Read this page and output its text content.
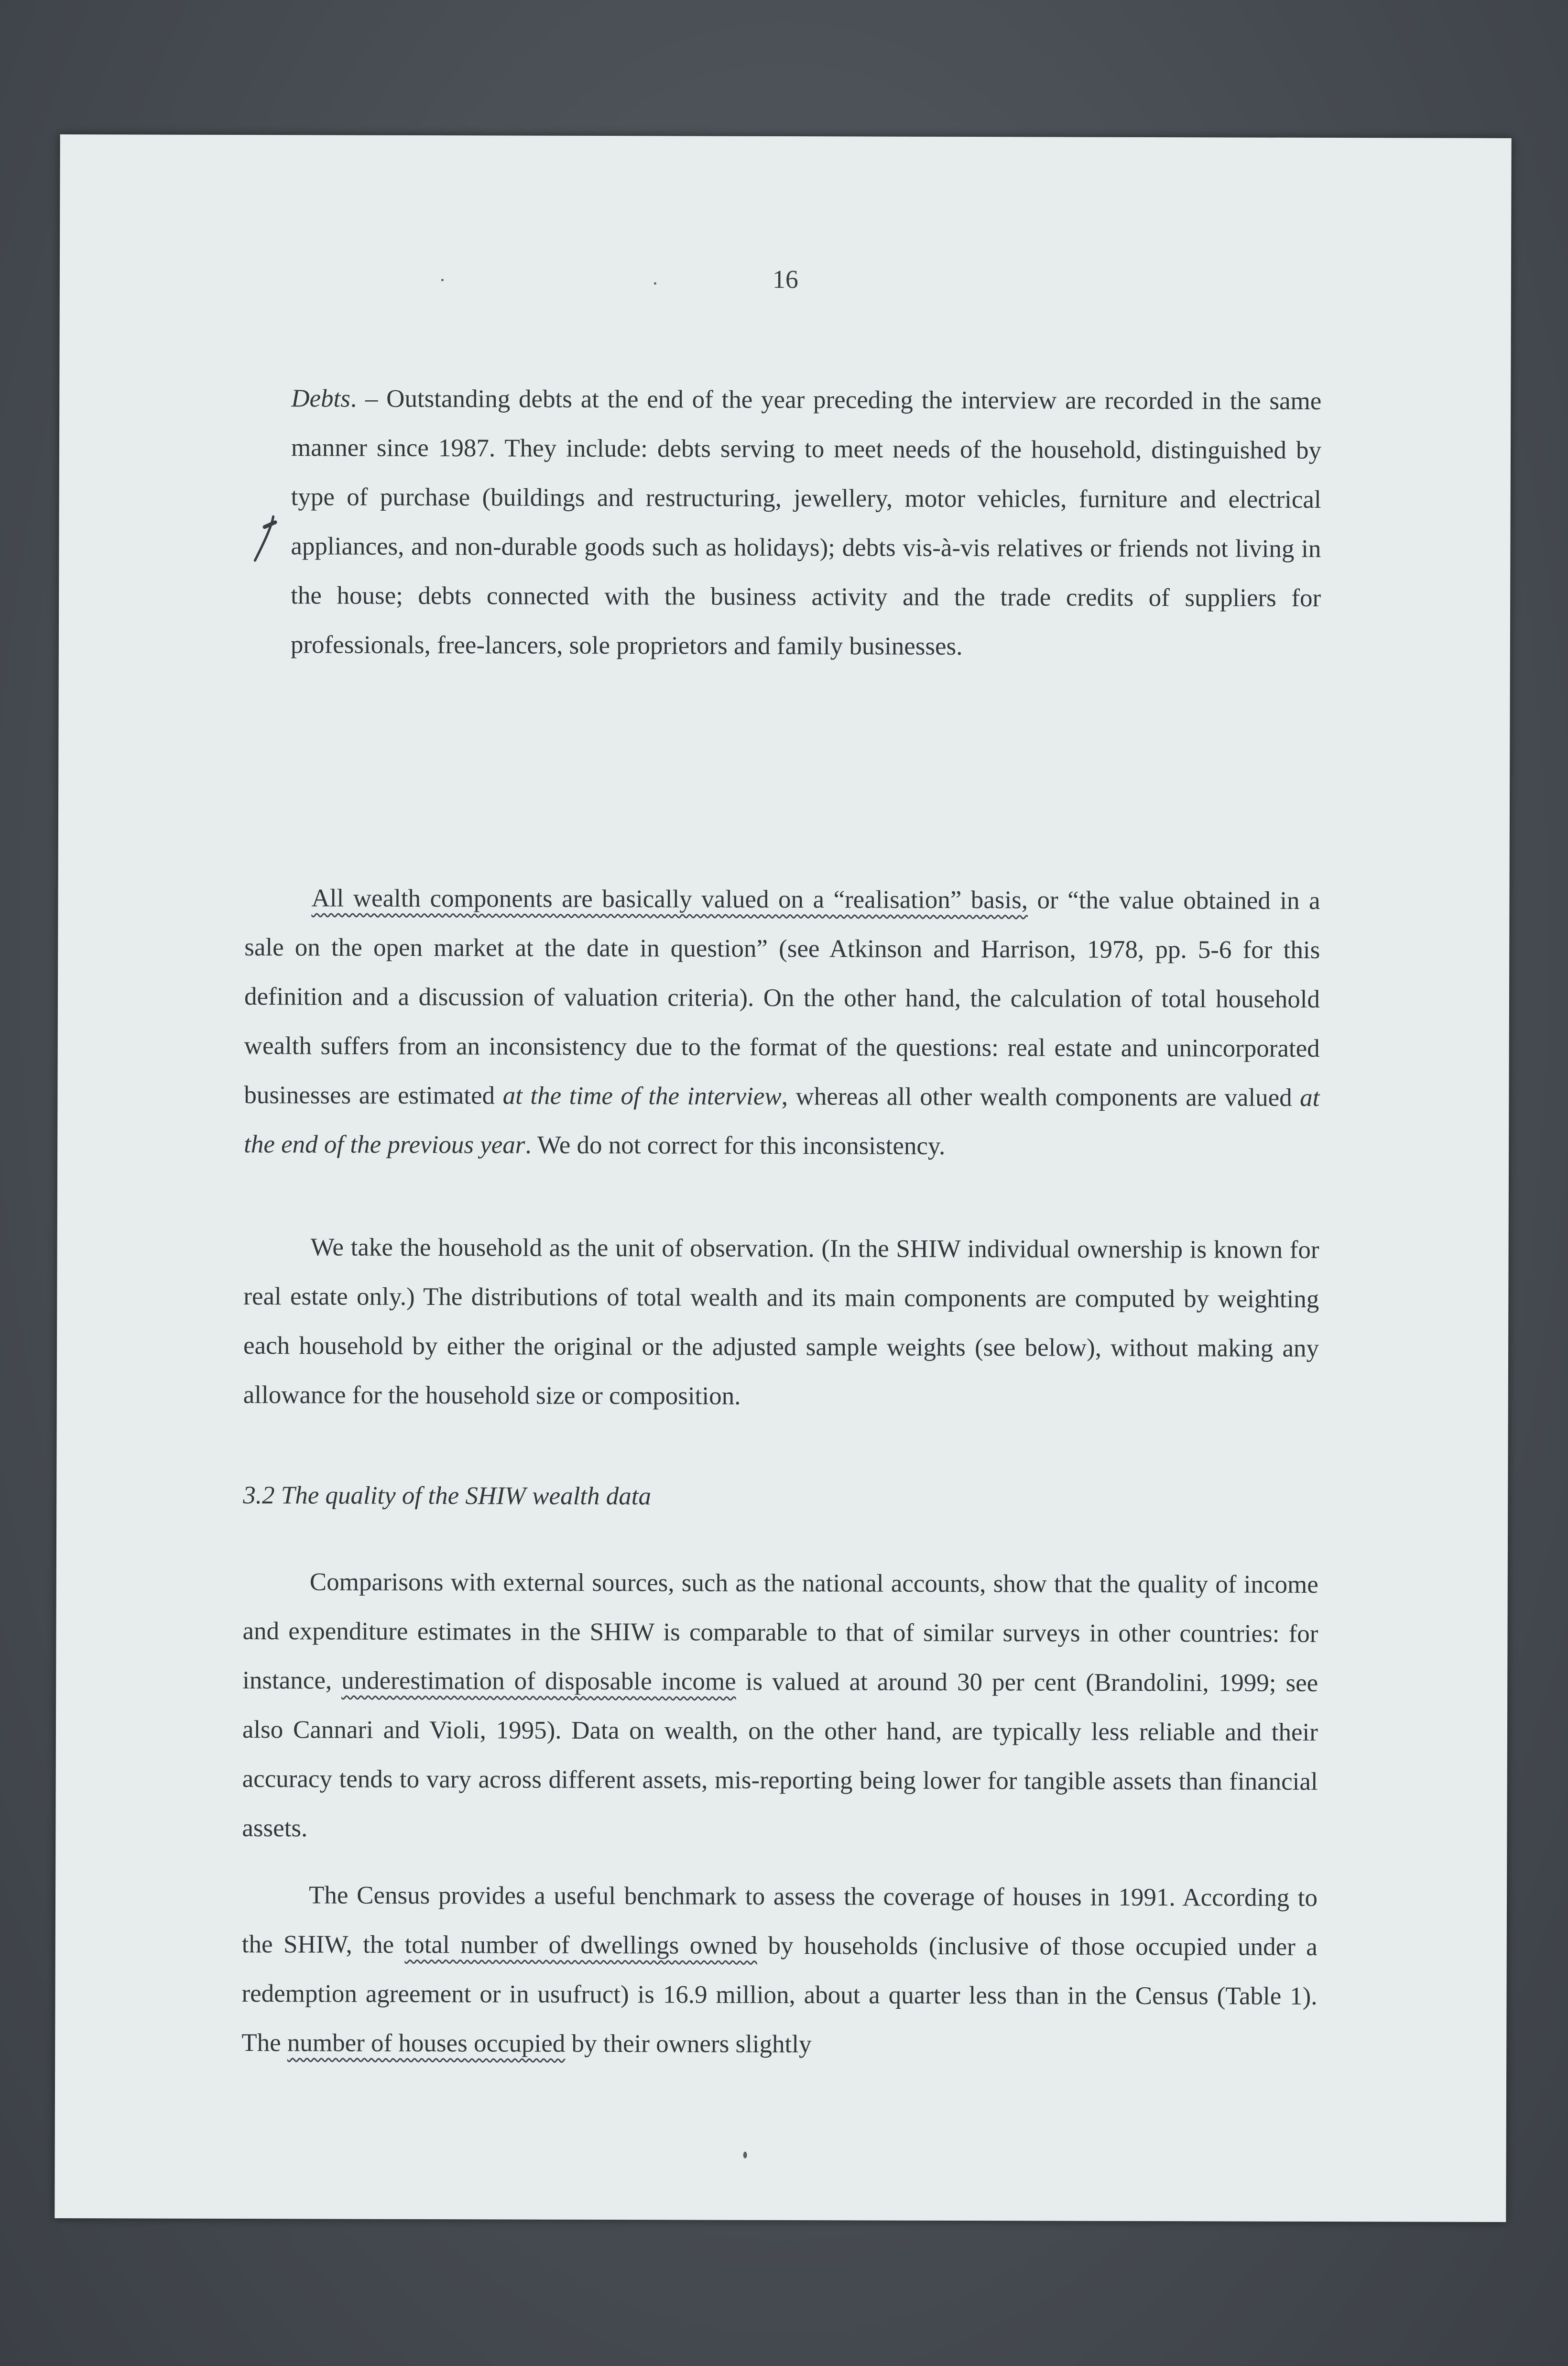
16

Debts. – Outstanding debts at the end of the year preceding the interview are recorded in the same manner since 1987. They include: debts serving to meet needs of the household, distinguished by type of purchase (buildings and restructuring, jewellery, motor vehicles, furniture and electrical appliances, and non-durable goods such as holidays); debts vis-à-vis relatives or friends not living in the house; debts connected with the business activity and the trade credits of suppliers for professionals, free-lancers, sole proprietors and family businesses.

All wealth components are basically valued on a “realisation” basis, or “the value obtained in a sale on the open market at the date in question” (see Atkinson and Harrison, 1978, pp. 5-6 for this definition and a discussion of valuation criteria). On the other hand, the calculation of total household wealth suffers from an inconsistency due to the format of the questions: real estate and unincorporated businesses are estimated at the time of the interview, whereas all other wealth components are valued at the end of the previous year. We do not correct for this inconsistency.

We take the household as the unit of observation. (In the SHIW individual ownership is known for real estate only.) The distributions of total wealth and its main components are computed by weighting each household by either the original or the adjusted sample weights (see below), without making any allowance for the household size or composition.

3.2 The quality of the SHIW wealth data

Comparisons with external sources, such as the national accounts, show that the quality of income and expenditure estimates in the SHIW is comparable to that of similar surveys in other countries: for instance, underestimation of disposable income is valued at around 30 per cent (Brandolini, 1999; see also Cannari and Violi, 1995). Data on wealth, on the other hand, are typically less reliable and their accuracy tends to vary across different assets, mis-reporting being lower for tangible assets than financial assets.

The Census provides a useful benchmark to assess the coverage of houses in 1991. According to the SHIW, the total number of dwellings owned by households (inclusive of those occupied under a redemption agreement or in usufruct) is 16.9 million, about a quarter less than in the Census (Table 1). The number of houses occupied by their owners slightly
